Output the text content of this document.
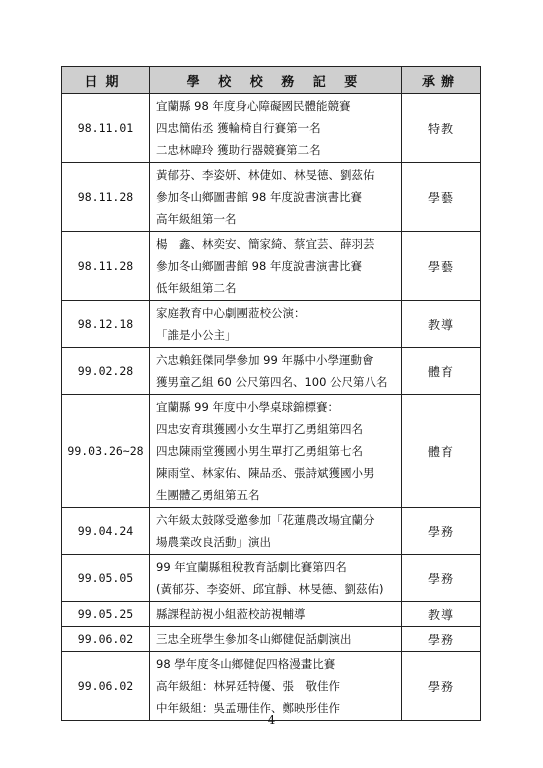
日期	學 校 校 務 記 要	承辦
98.11.01	宜蘭縣 98 年度身心障礙國民體能競賽
四忠簡佑丞 獲輪椅自行賽第一名
二忠林暐玲 獲助行器競賽第二名	特教
98.11.28	黃郁芬、李姿妍、林倢如、林旻德、劉茲佑
參加冬山鄉圖書館 98 年度說書演書比賽
高年級組第一名	學藝
98.11.28	楊　鑫、林奕安、簡家綺、蔡宜芸、薛羽芸
參加冬山鄉圖書館 98 年度說書演書比賽
低年級組第二名	學藝
98.12.18	家庭教育中心劇團蒞校公演：
「誰是小公主」	教導
99.02.28	六忠賴鈺傑同學參加 99 年縣中小學運動會
獲男童乙組 60 公尺第四名、100 公尺第八名	體育
99.03.26~28	宜蘭縣 99 年度中小學桌球錦標賽：
四忠安育琪獲國小女生單打乙勇組第四名
四忠陳雨堂獲國小男生單打乙勇組第七名
陳雨堂、林家佑、陳品丞、張詩斌獲國小男
生團體乙勇組第五名	體育
99.04.24	六年級太鼓隊受邀參加「花蓮農改場宜蘭分
場農業改良活動」演出	學務
99.05.05	99 年宜蘭縣租稅教育話劇比賽第四名
(黃郁芬、李姿妍、邱宜靜、林旻德、劉茲佑)	學務
99.05.25	縣課程訪視小組蒞校訪視輔導	教導
99.06.02	三忠全班學生參加冬山鄉健促話劇演出	學務
99.06.02	98 學年度冬山鄉健促四格漫畫比賽
高年級組：林昇廷特優、張　敬佳作
中年級組：吳孟珊佳作、鄭映彤佳作	學務
4
